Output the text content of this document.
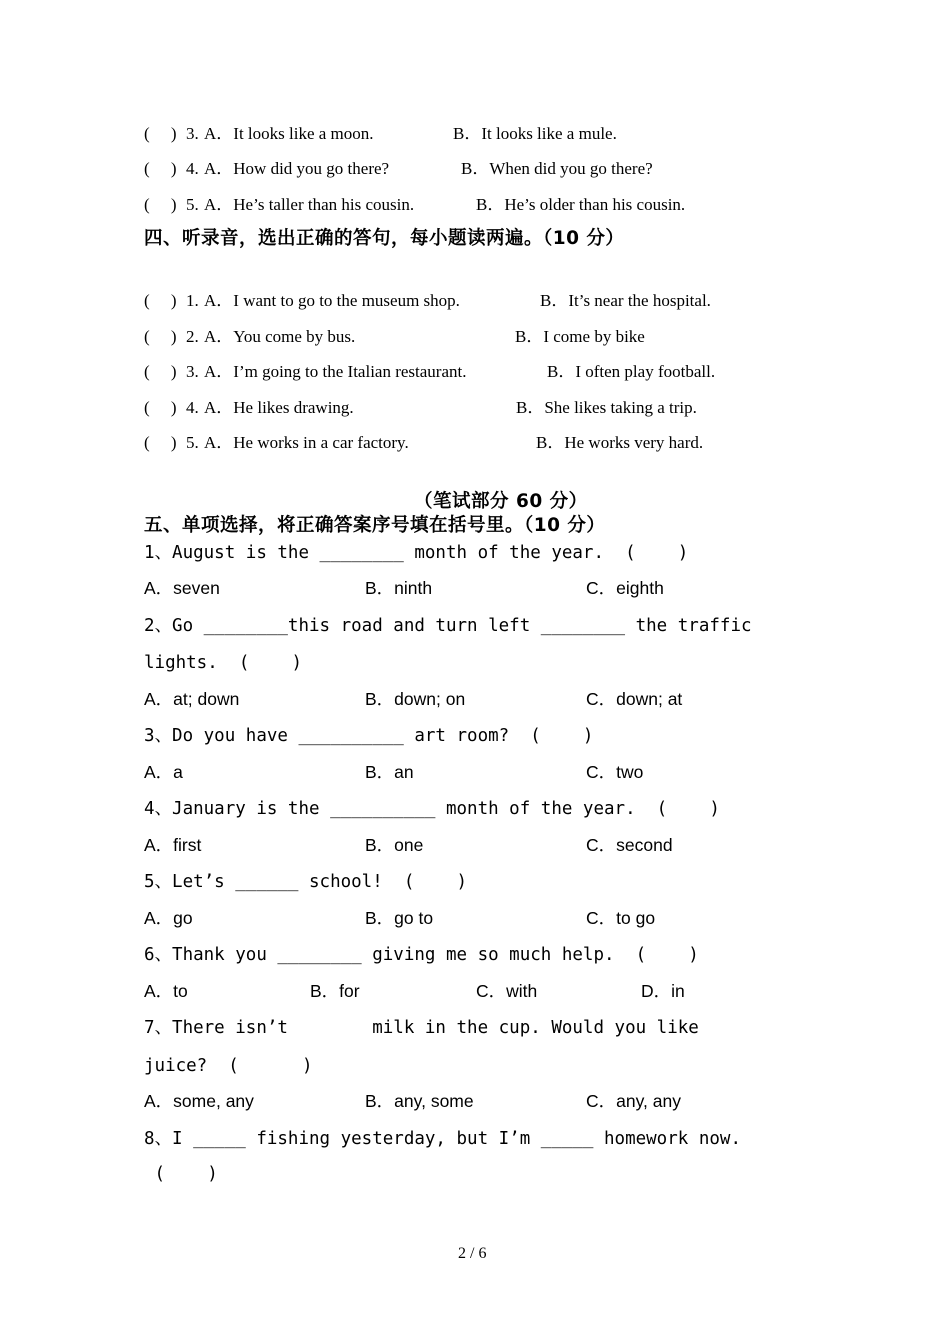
(     ) 3. A．It looks like a moon.	B．It looks like a mule.
(     ) 4. A．How did you go there?	B．When did you go there?
(     ) 5. A．He’s taller than his cousin.	B．He’s older than his cousin.
四、听录音，选出正确的答句，每小题读两遍。（10 分）
(     ) 1. A．I want to go to the museum shop.	B．It’s near the hospital.
(     ) 2. A．You come by bus.	B．I come by bike
(     ) 3. A．I’m going to the Italian restaurant.	B．I often play football.
(     ) 4. A．He likes drawing.	B．She likes taking a trip.
(     ) 5. A．He works in a car factory.	B．He works very hard.
（笔试部分 60 分）
五、单项选择，将正确答案序号填在括号里。（10 分）
1、August is the ________ month of the year.  (    )
A．seven	B．ninth	C．eighth
2、Go ________this road and turn left ________ the traffic
lights.  (    )
A．at; down	B．down; on	C．down; at
3、Do you have __________ art room?  (    )
A．a	B．an	C．two
4、January is the __________ month of the year.  (    )
A．first	B．one	C．second
5、Let’s ______ school!  (    )
A．go	B．go to	C．to go
6、Thank you ________ giving me so much help.  (    )
A．to	B．for	C．with	D．in
7、There isn’t        milk in the cup. Would you like
juice?  (      )
A．some, any	B．any, some	C．any, any
8、I _____ fishing yesterday, but I’m _____ homework now.
(    )
2 / 6
